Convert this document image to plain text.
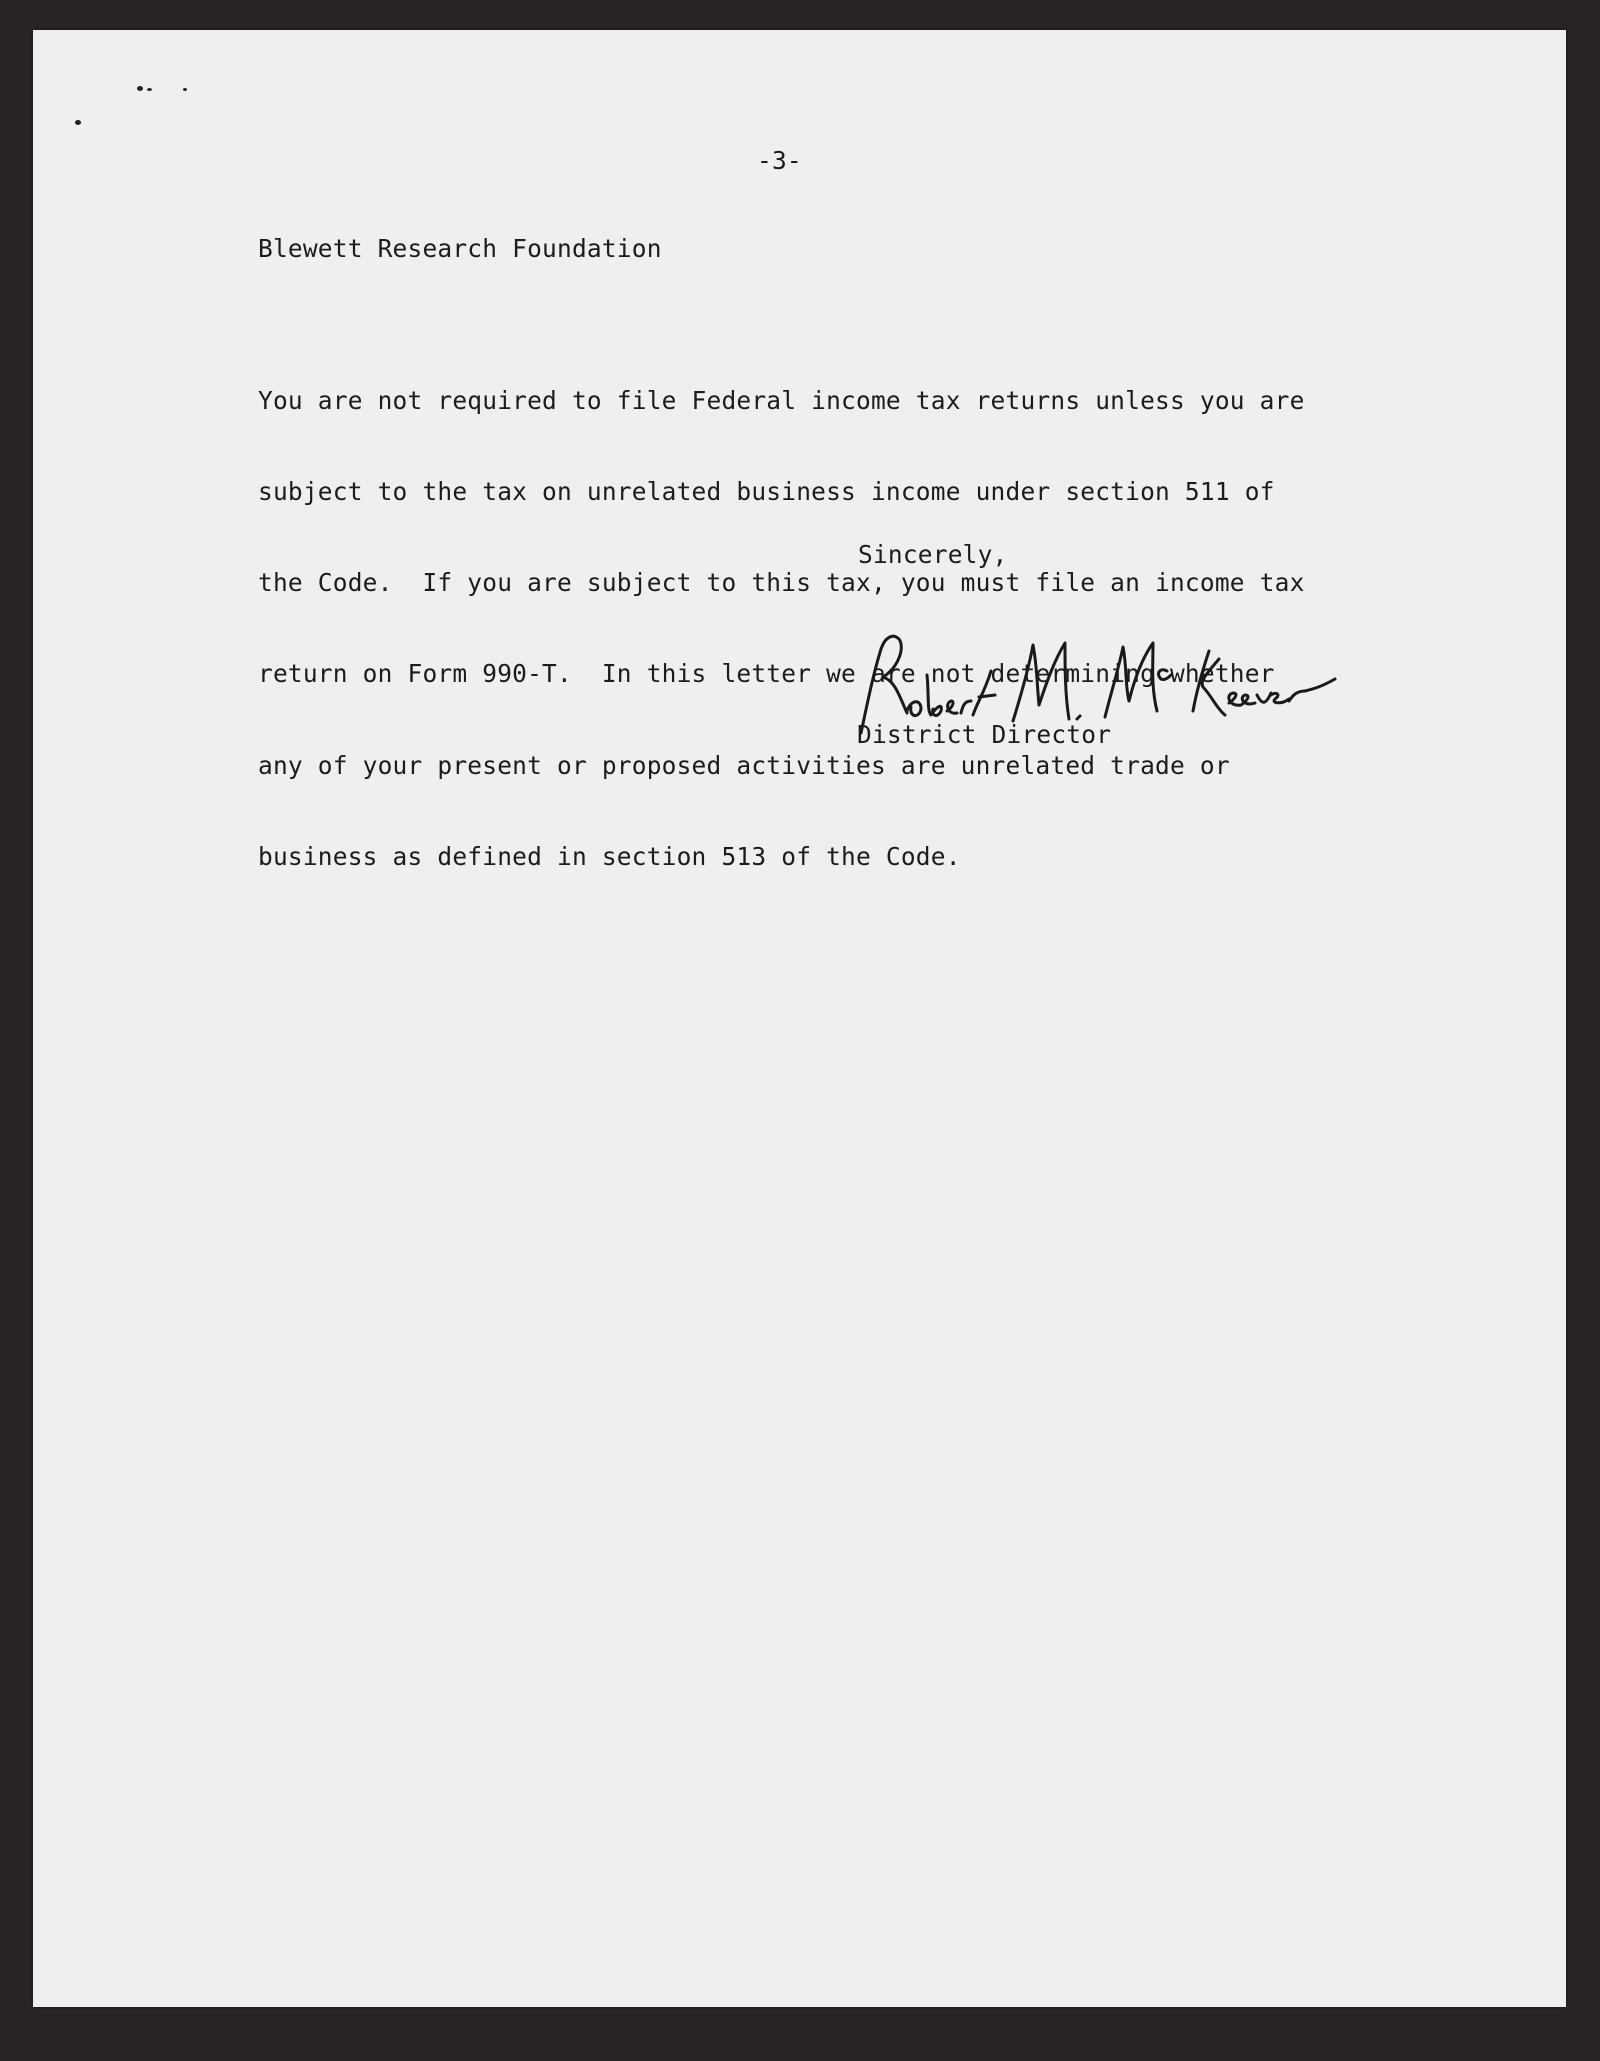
-3-
Blewett Research Foundation

You are not required to file Federal income tax returns unless you are

subject to the tax on unrelated business income under section 511 of

the Code.  If you are subject to this tax, you must file an income tax

return on Form 990-T.  In this letter we are not determining whether

any of your present or proposed activities are unrelated trade or

business as defined in section 513 of the Code.

Sincerely,
District Director
